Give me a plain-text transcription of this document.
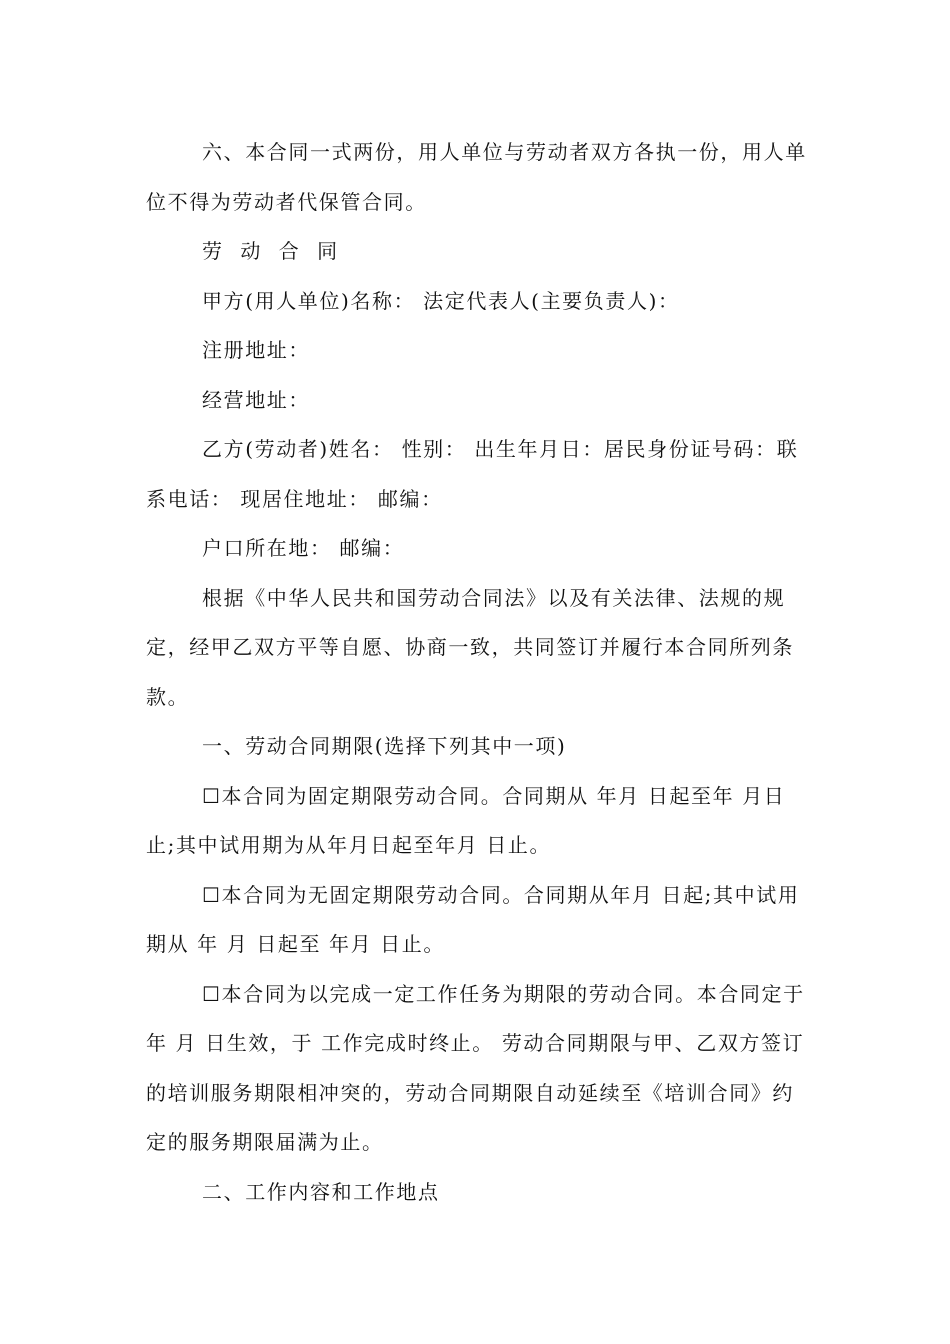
六、本合同一式两份，用人单位与劳动者双方各执一份，用人单位不得为劳动者代保管合同。

劳 动 合 同

甲方(用人单位)名称： 法定代表人(主要负责人)：

注册地址：

经营地址：

乙方(劳动者)姓名： 性别： 出生年月日：居民身份证号码：联系电话： 现居住地址： 邮编：

户口所在地： 邮编：

根据《中华人民共和国劳动合同法》以及有关法律、法规的规定，经甲乙双方平等自愿、协商一致，共同签订并履行本合同所列条款。

一、劳动合同期限(选择下列其中一项)

☐本合同为固定期限劳动合同。合同期从 年月 日起至年 月日止;其中试用期为从年月日起至年月 日止。

☐本合同为无固定期限劳动合同。合同期从年月 日起;其中试用期从 年 月 日起至 年月 日止。

☐本合同为以完成一定工作任务为期限的劳动合同。本合同定于年 月 日生效，于 工作完成时终止。 劳动合同期限与甲、乙双方签订的培训服务期限相冲突的，劳动合同期限自动延续至《培训合同》约定的服务期限届满为止。

二、工作内容和工作地点
